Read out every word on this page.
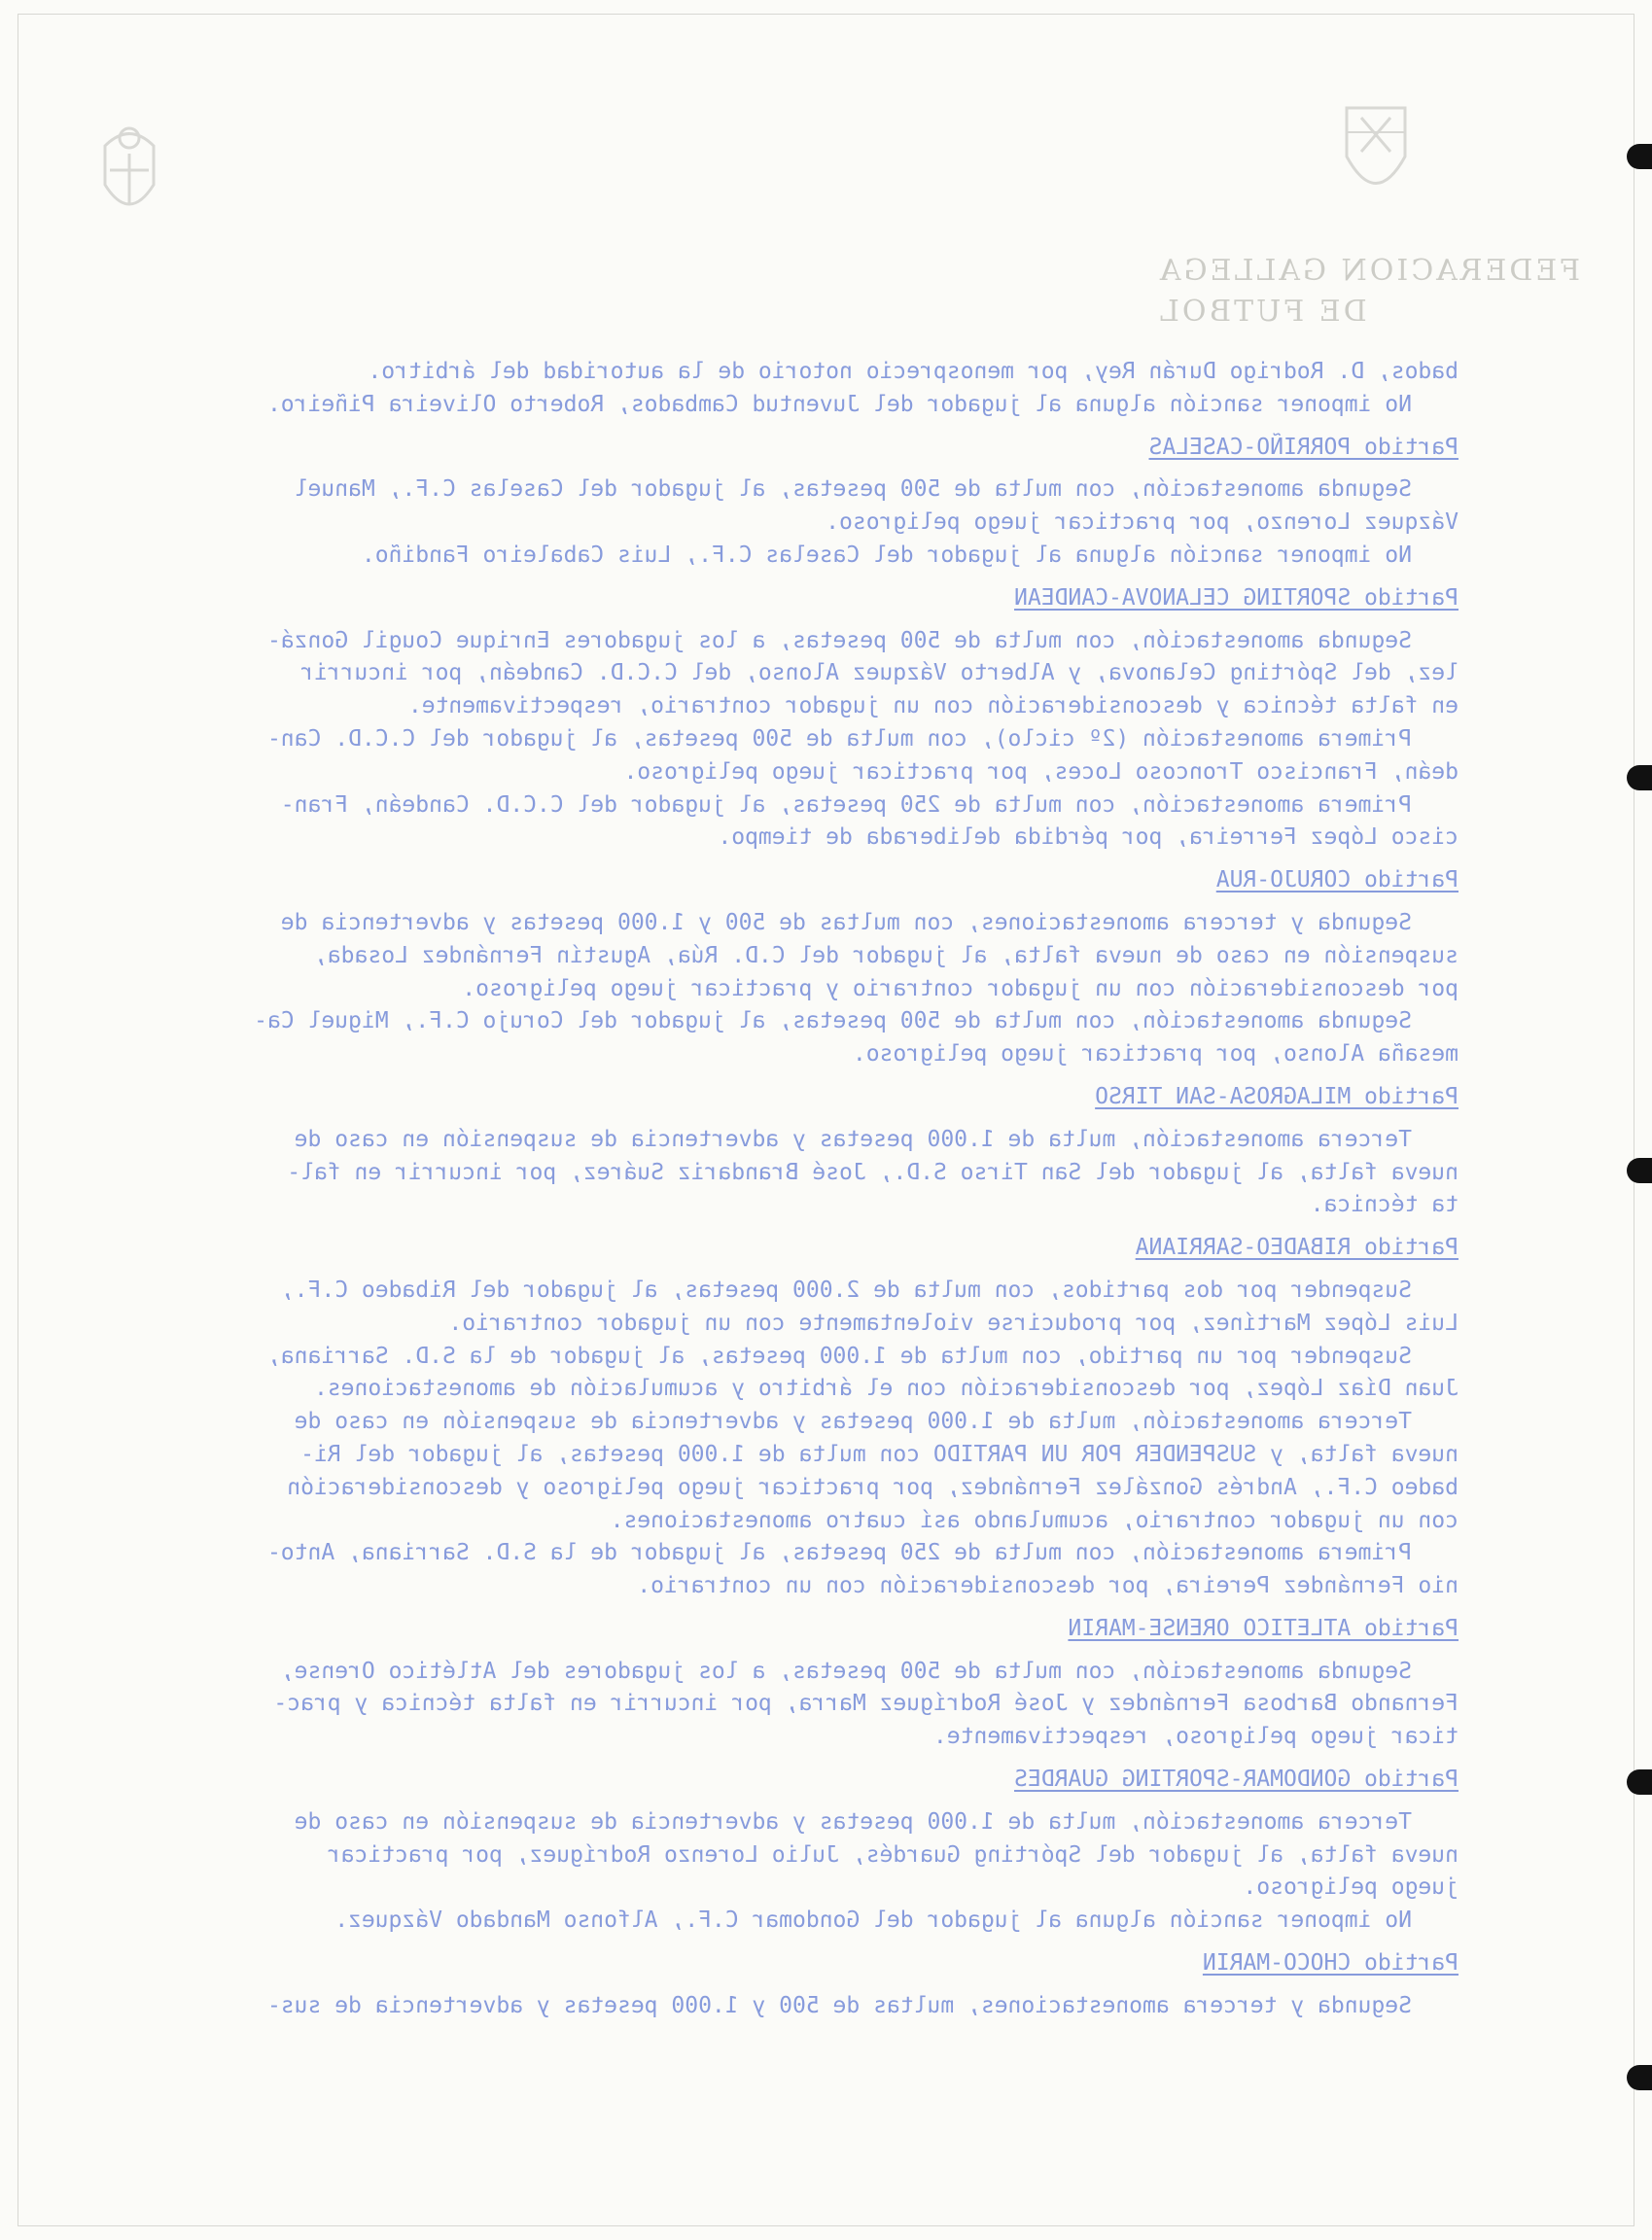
FEDERACION GALLEGA
DE FUTBOL
bados, D. Rodrigo Durán Rey, por menosprecio notorio de la autoridad del árbitro.
No imponer sanción alguna al jugador del Juventud Cambados, Roberto Oliveira Piñeiro.
Partido PORRIÑO-CASELAS
Segunda amonestación, con multa de 500 pesetas, al jugador del Caselas C.F., Manuel
Vázquez Lorenzo, por practicar juego peligroso.
No imponer sanción alguna al jugador del Caselas C.F., Luis Cabaleiro Fandiño.
Partido SPORTING CELANOVA-CANDEAN
Segunda amonestación, con multa de 500 pesetas, a los jugadores Enrique Cougil Gonzá-
lez, del Spórting Celanova, y Alberto Vázquez Alonso, del C.C.D. Candeán, por incurrir
en falta técnica y desconsideración con un jugador contrario, respectivamente.
Primera amonestación (2º ciclo), con multa de 500 pesetas, al jugador del C.C.D. Can-
deán, Francisco Troncoso Loces, por practicar juego peligroso.
Primera amonestación, con multa de 250 pesetas, al jugador del C.C.D. Candeán, Fran-
cisco López Ferreira, por pérdida deliberada de tiempo.
Partido CORUJO-RUA
Segunda y tercera amonestaciones, con multas de 500 y 1.000 pesetas y advertencia de
suspensión en caso de nueva falta, al jugador del C.D. Rúa, Agustín Fernández Losada,
por desconsideración con un jugador contrario y practicar juego peligroso.
Segunda amonestación, con multa de 500 pesetas, al jugador del Corujo C.F., Miguel Ca-
mesaña Alonso, por practicar juego peligroso.
Partido MILAGROSA-SAN TIRSO
Tercera amonestación, multa de 1.000 pesetas y advertencia de suspensión en caso de
nueva falta, al jugador del San Tirso S.D., José Brandariz Suárez, por incurrir en fal-
ta técnica.
Partido RIBADEO-SARRIANA
Suspender por dos partidos, con multa de 2.000 pesetas, al jugador del Ribadeo C.F.,
Luis López Martínez, por producirse violentamente con un jugador contrario.
Suspender por un partido, con multa de 1.000 pesetas, al jugador de la S.D. Sarriana,
Juan Díaz López, por desconsideración con el árbitro y acumulación de amonestaciones.
Tercera amonestación, multa de 1.000 pesetas y advertencia de suspensión en caso de
nueva falta, y SUSPENDER POR UN PARTIDO con multa de 1.000 pesetas, al jugador del Ri-
badeo C.F., Andrés González Fernández, por practicar juego peligroso y desconsideración
con un jugador contrario, acumulando así cuatro amonestaciones.
Primera amonestación, con multa de 250 pesetas, al jugador de la S.D. Sarriana, Anto-
nio Fernández Pereira, por desconsideración con un contrario.
Partido ATLETICO ORENSE-MARIN
Segunda amonestación, con multa de 500 pesetas, a los jugadores del Atlético Orense,
Fernando Barbosa Fernández y José Rodríguez Marra, por incurrir en falta técnica y prac-
ticar juego peligroso, respectivamente.
Partido GONDOMAR-SPORTING GUARDES
Tercera amonestación, multa de 1.000 pesetas y advertencia de suspensión en caso de
nueva falta, al jugador del Spórting Guardés, Julio Lorenzo Rodríguez, por practicar
juego peligroso.
No imponer sanción alguna al jugador del Gondomar C.F., Alfonso Mandado Vázquez.
Partido CHOCO-MARIN
Segunda y tercera amonestaciones, multas de 500 y 1.000 pesetas y advertencia de sus-
